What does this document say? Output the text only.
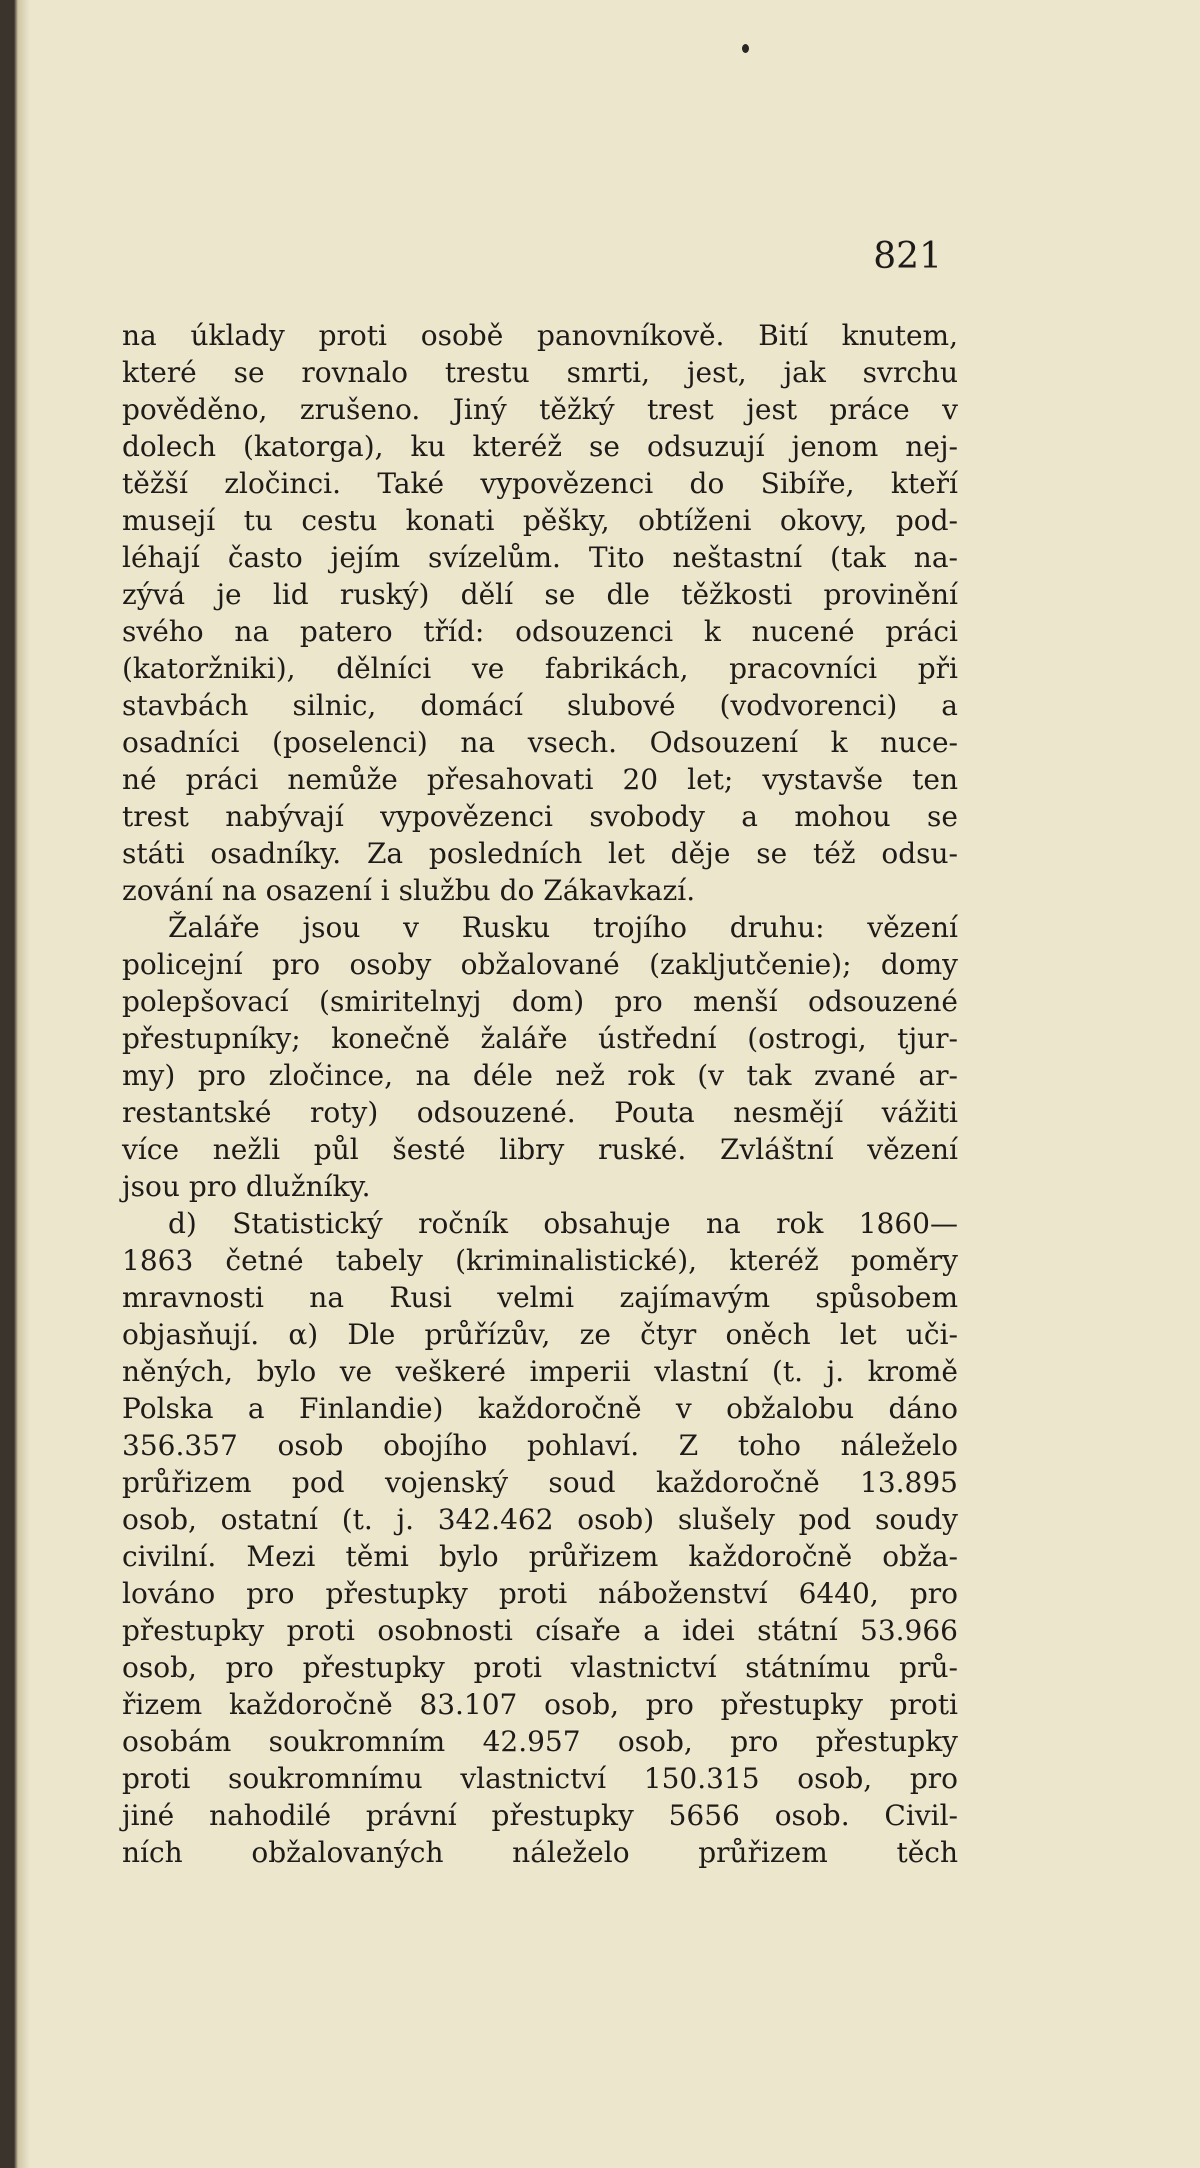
821

na úklady proti osobě panovníkově. Bití knutem,
které se rovnalo trestu smrti, jest, jak svrchu
pověděno, zrušeno. Jiný těžký trest jest práce v
dolech (katorga), ku kteréž se odsuzují jenom nej-
těžší zločinci. Také vypovězenci do Sibíře, kteří
musejí tu cestu konati pěšky, obtíženi okovy, pod-
léhají často jejím svízelům. Tito neštastní (tak na-
zývá je lid ruský) dělí se dle těžkosti provinění
svého na patero tříd: odsouzenci k nucené práci
(katoržniki), dělníci ve fabrikách, pracovníci při
stavbách silnic, domácí slubové (vodvorenci) a
osadníci (poselenci) na vsech. Odsouzení k nuce-
né práci nemůže přesahovati 20 let; vystavše ten
trest nabývají vypovězenci svobody a mohou se
státi osadníky. Za posledních let děje se též odsu-
zování na osazení i službu do Zákavkazí.
Žaláře jsou v Rusku trojího druhu: vězení
policejní pro osoby obžalované (zakljutčenie); domy
polepšovací (smiritelnyj dom) pro menší odsouzené
přestupníky; konečně žaláře ústřední (ostrogi, tjur-
my) pro zločince, na déle než rok (v tak zvané ar-
restantské roty) odsouzené. Pouta nesmějí vážiti
více nežli půl šesté libry ruské. Zvláštní vězení
jsou pro dlužníky.
d) Statistický ročník obsahuje na rok 1860—
1863 četné tabely (kriminalistické), kteréž poměry
mravnosti na Rusi velmi zajímavým spůsobem
objasňují. α) Dle průřízův, ze čtyr oněch let uči-
něných, bylo ve veškeré imperii vlastní (t. j. kromě
Polska a Finlandie) každoročně v obžalobu dáno
356.357 osob obojího pohlaví. Z toho náleželo
průřizem pod vojenský soud každoročně 13.895
osob, ostatní (t. j. 342.462 osob) slušely pod soudy
civilní. Mezi těmi bylo průřizem každoročně obža-
lováno pro přestupky proti náboženství 6440, pro
přestupky proti osobnosti císaře a idei státní 53.966
osob, pro přestupky proti vlastnictví státnímu prů-
řizem každoročně 83.107 osob, pro přestupky proti
osobám soukromním 42.957 osob, pro přestupky
proti soukromnímu vlastnictví 150.315 osob, pro
jiné nahodilé právní přestupky 5656 osob. Civil-
ních obžalovaných náleželo průřizem těch
